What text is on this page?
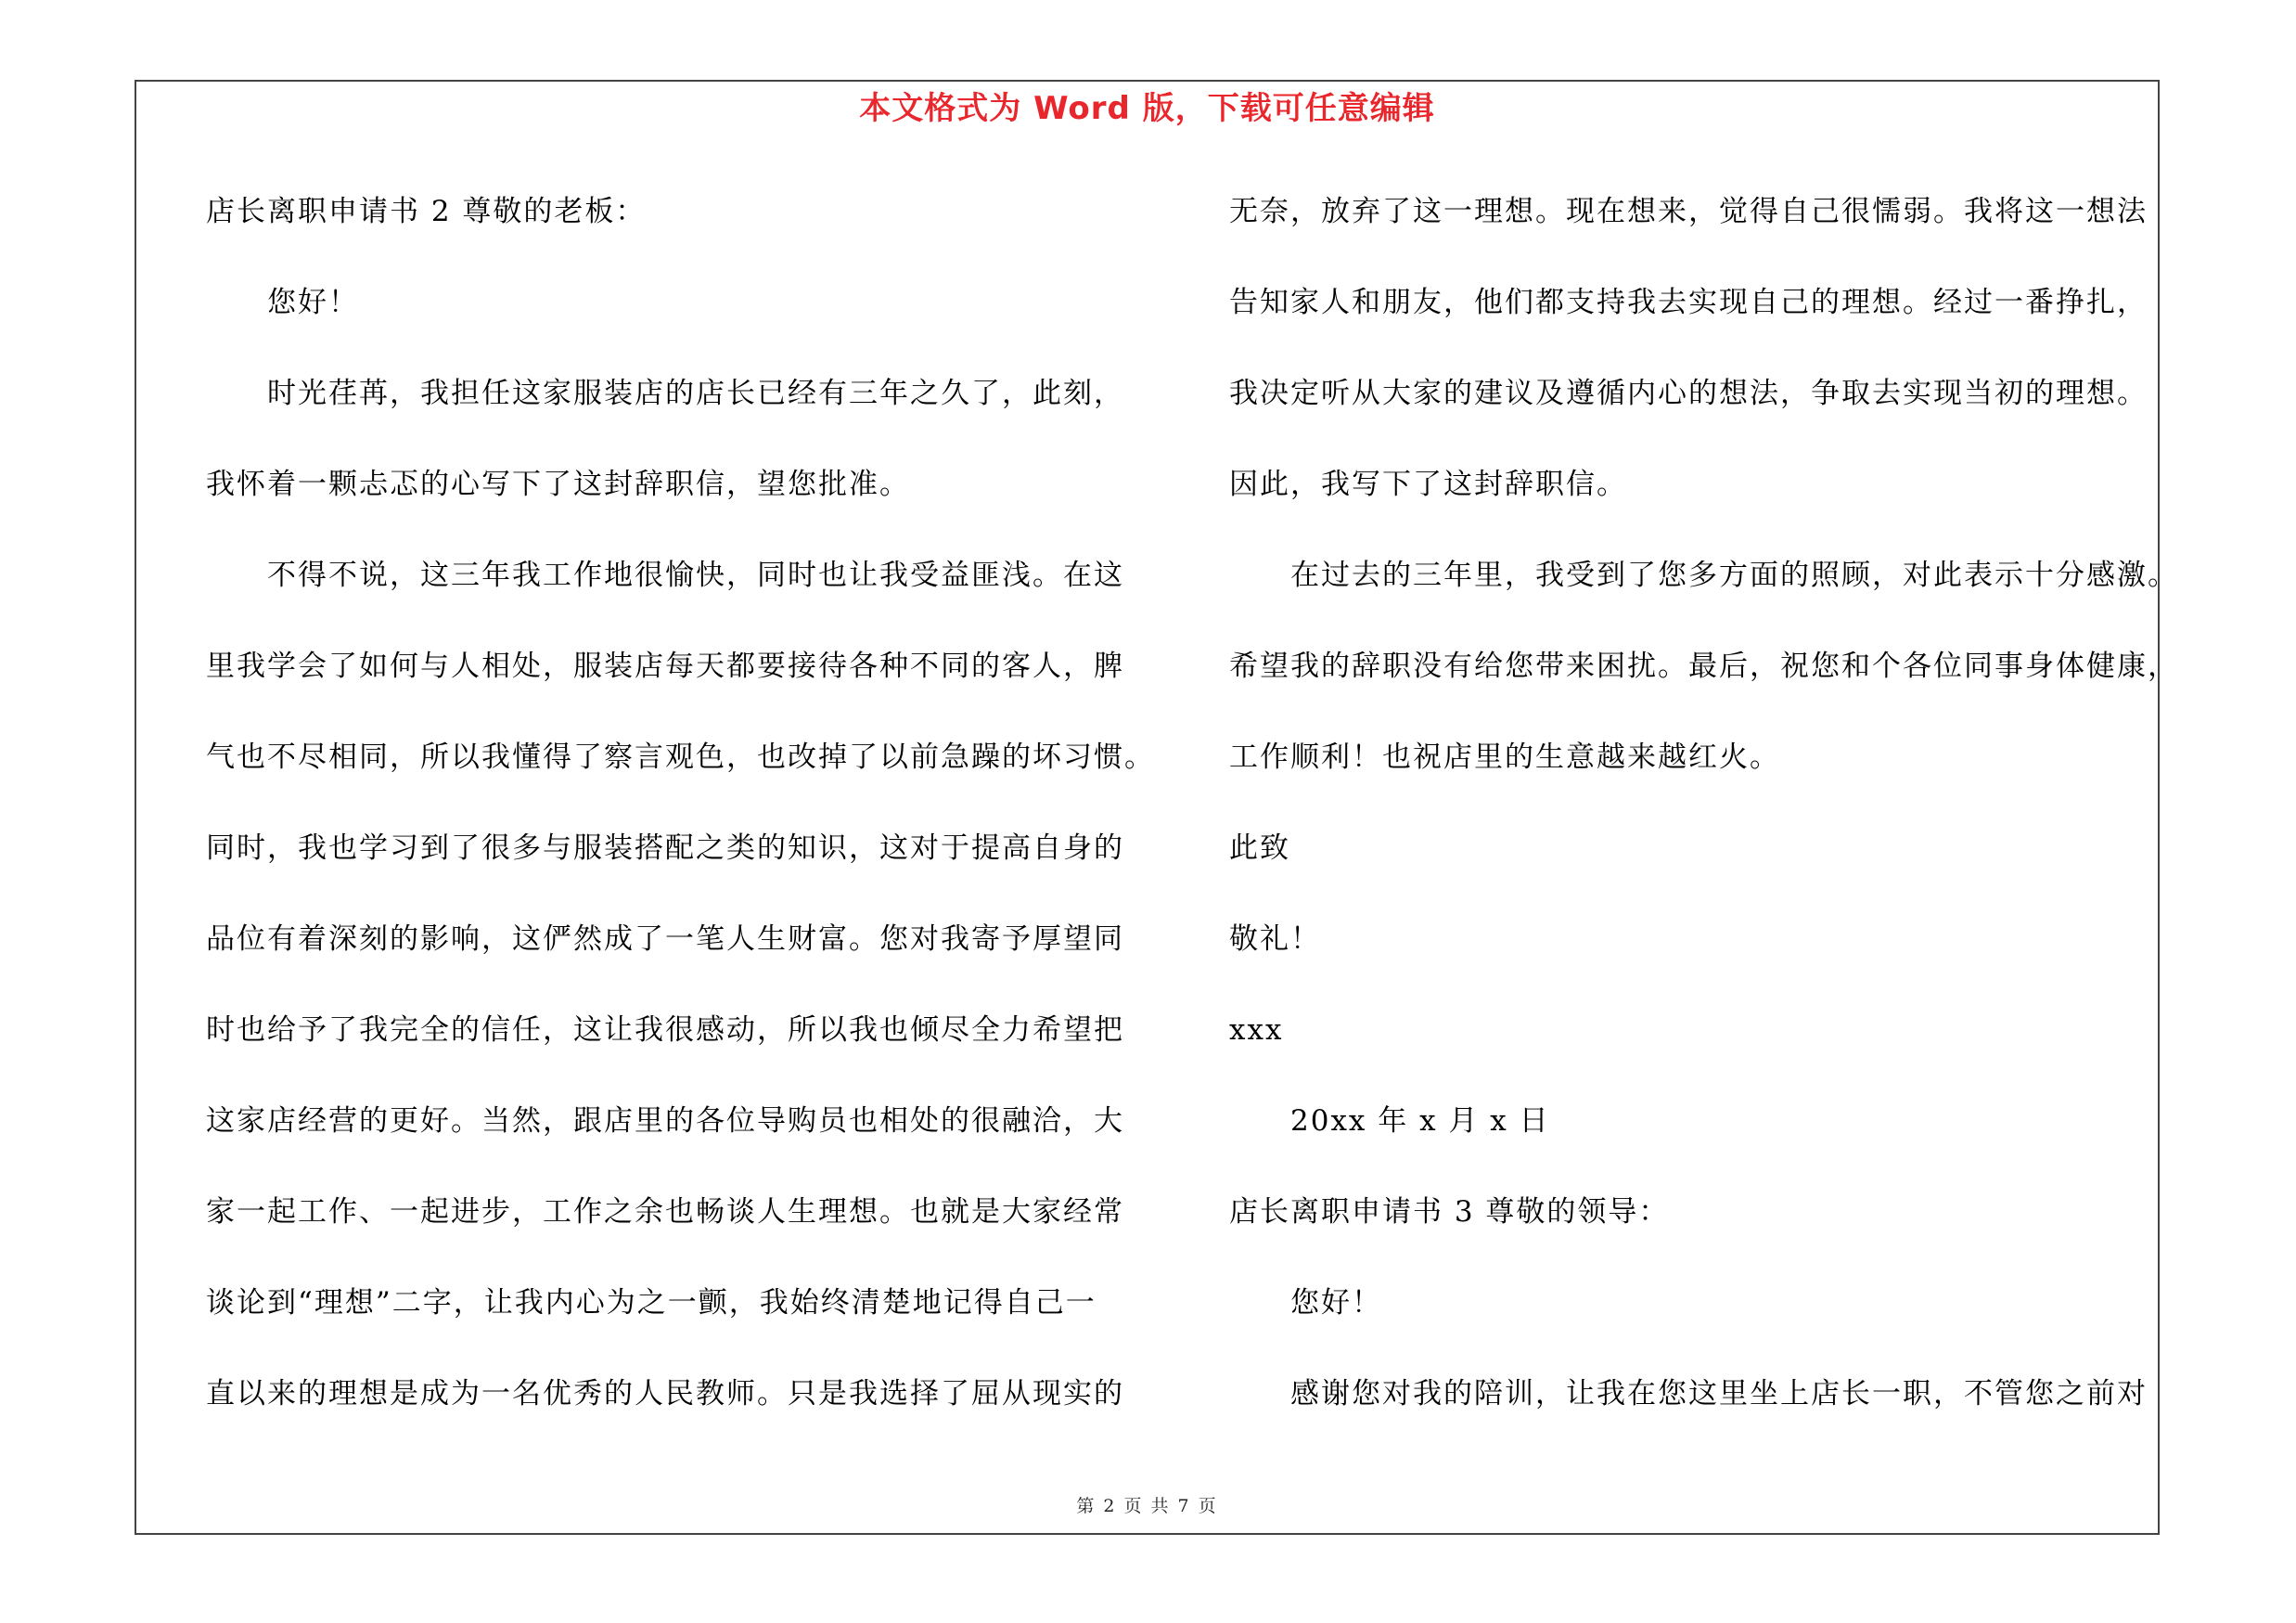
本文格式为 Word 版，下载可任意编辑
店长离职申请书 2 尊敬的老板：
您好！
时光荏苒，我担任这家服装店的店长已经有三年之久了，此刻，
我怀着一颗忐忑的心写下了这封辞职信，望您批准。
不得不说，这三年我工作地很愉快，同时也让我受益匪浅。在这
里我学会了如何与人相处，服装店每天都要接待各种不同的客人，脾
气也不尽相同，所以我懂得了察言观色，也改掉了以前急躁的坏习惯。
同时，我也学习到了很多与服装搭配之类的知识，这对于提高自身的
品位有着深刻的影响，这俨然成了一笔人生财富。您对我寄予厚望同
时也给予了我完全的信任，这让我很感动，所以我也倾尽全力希望把
这家店经营的更好。当然，跟店里的各位导购员也相处的很融洽，大
家一起工作、一起进步，工作之余也畅谈人生理想。也就是大家经常
谈论到“理想”二字，让我内心为之一颤，我始终清楚地记得自己一
直以来的理想是成为一名优秀的人民教师。只是我选择了屈从现实的
无奈，放弃了这一理想。现在想来，觉得自己很懦弱。我将这一想法
告知家人和朋友，他们都支持我去实现自己的理想。经过一番挣扎，
我决定听从大家的建议及遵循内心的想法，争取去实现当初的理想。
因此，我写下了这封辞职信。
在过去的三年里，我受到了您多方面的照顾，对此表示十分感激。
希望我的辞职没有给您带来困扰。最后，祝您和个各位同事身体健康，
工作顺利！也祝店里的生意越来越红火。
此致
敬礼！
xxx
20xx 年 x 月 x 日
店长离职申请书 3 尊敬的领导：
您好！
感谢您对我的陪训，让我在您这里坐上店长一职，不管您之前对
第 2 页 共 7 页
